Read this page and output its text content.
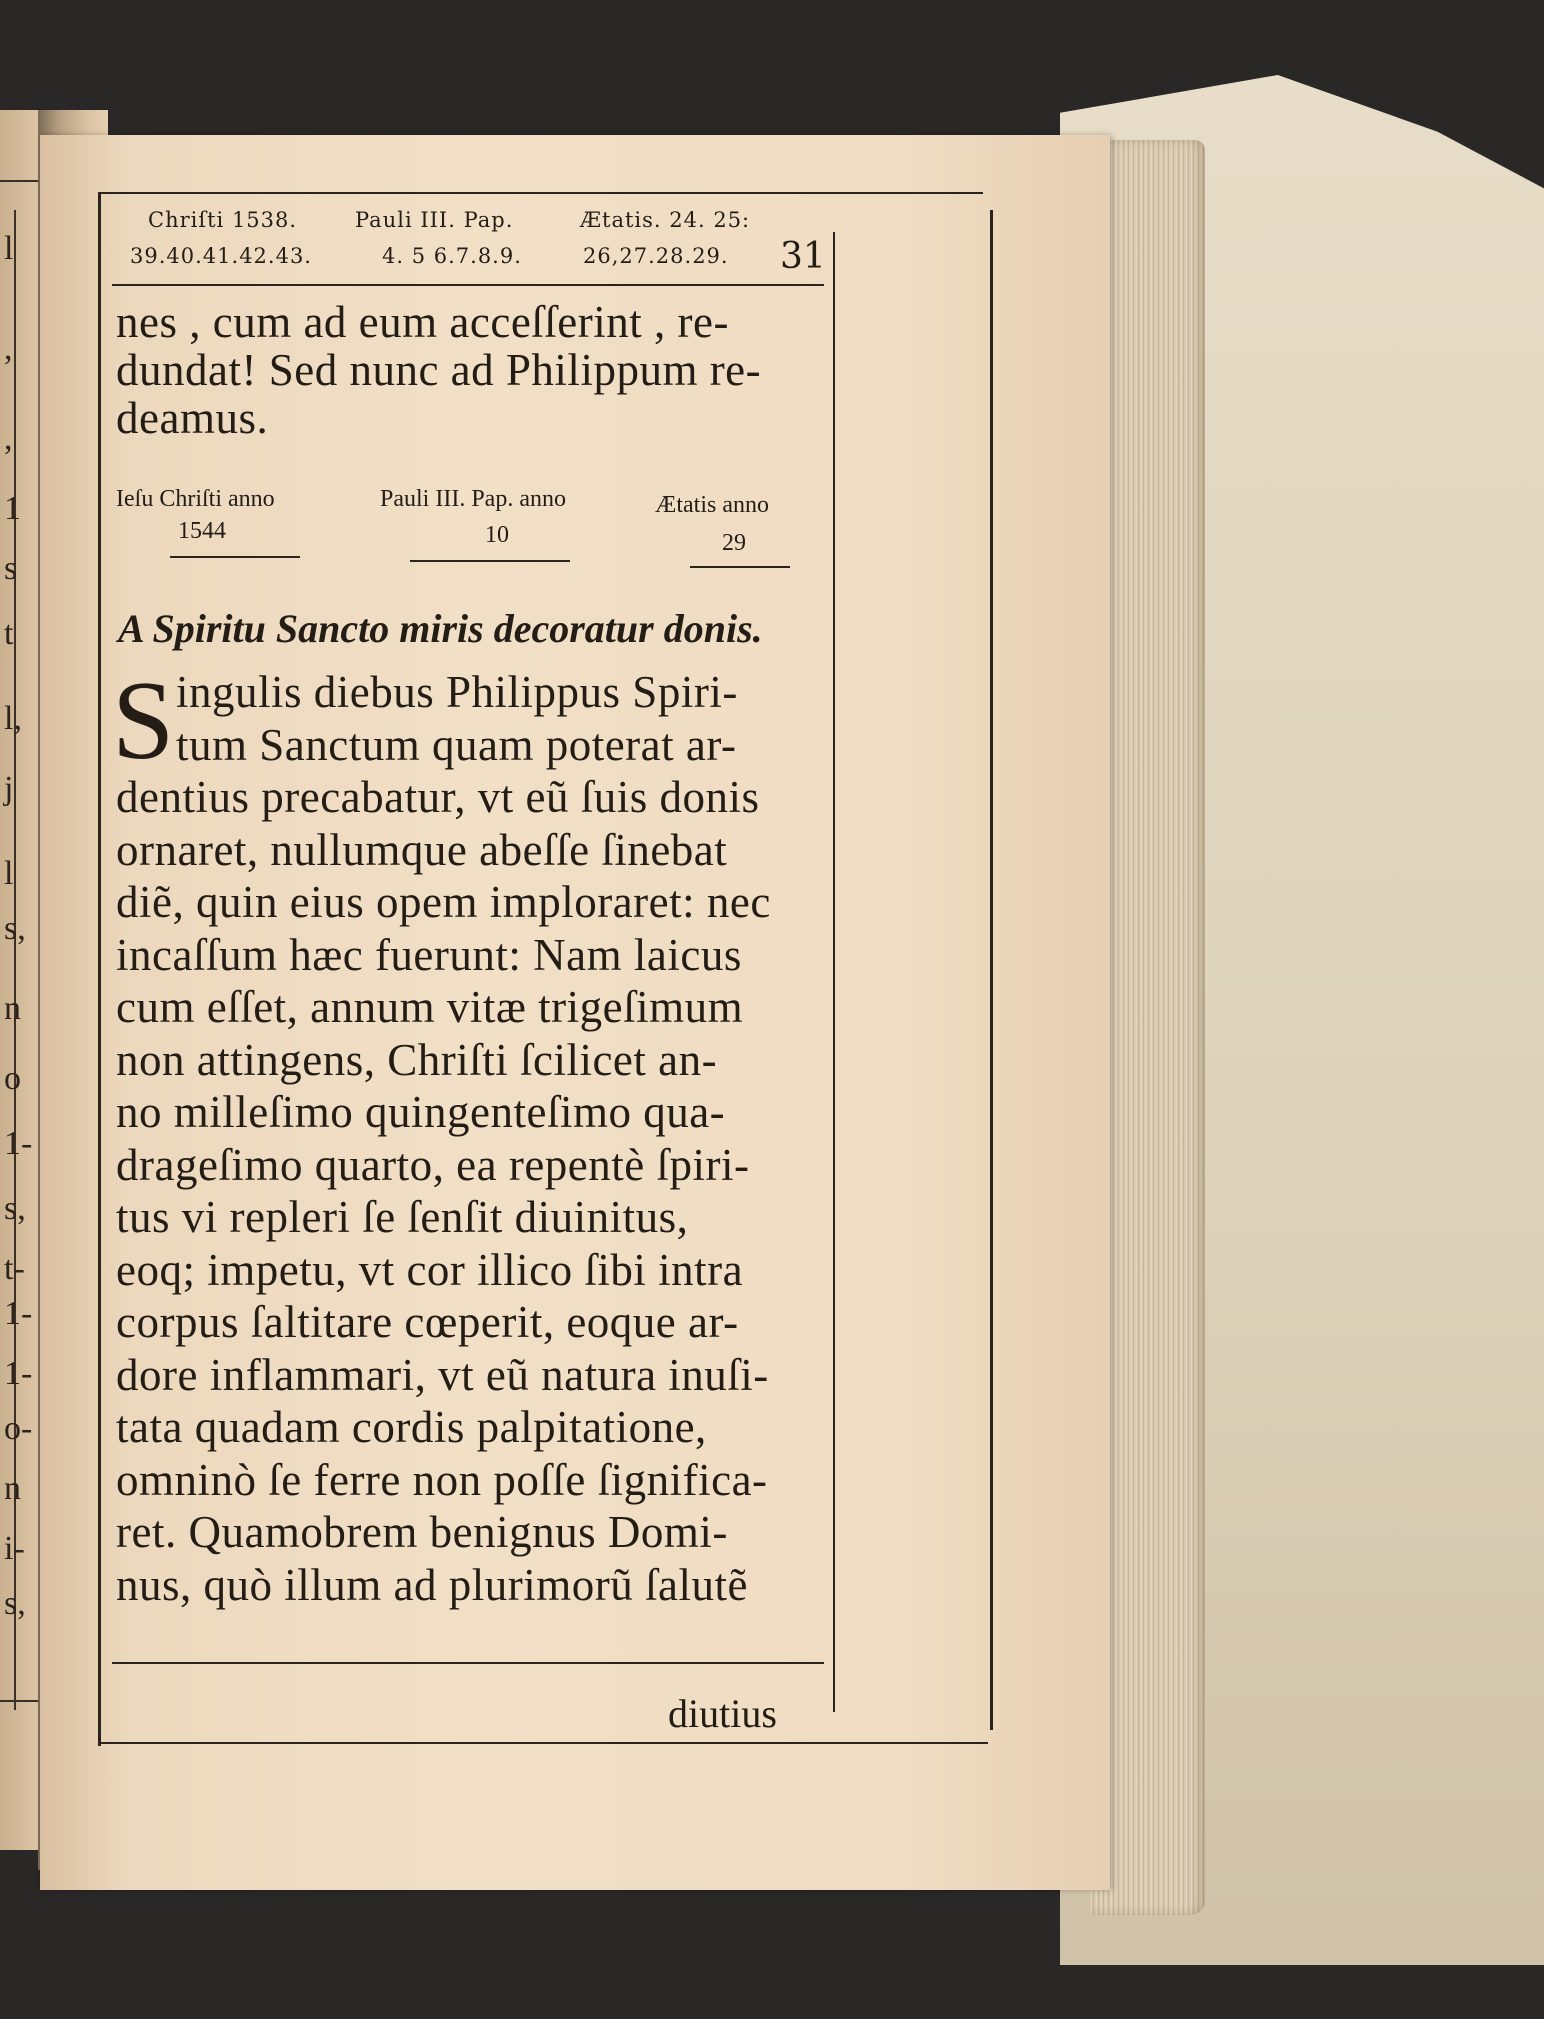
l
,
,
1
s
t
l,
j
l
s,
n
o
1-
s,
t-
1-
1-
o-
n
i-
s,
Chriſti 1538.
39.40.41.42.43.
Pauli III. Pap.
4. 5 6.7.8.9.
Ætatis. 24. 25:
26,27.28.29. 31
nes , cum ad eum acceſſerint , re-
dundat! Sed nunc ad Philippum re-
deamus.
Ieſu Chriſti anno
1544
Pauli III. Pap. anno
10
Ætatis anno
29
A Spiritu Sancto miris decoratur donis.
S ingulis diebus Philippus Spiri-
tum Sanctum quam poterat ar-
dentius precabatur, vt eũ ſuis donis
ornaret, nullumque abeſſe ſinebat
diẽ, quin eius opem imploraret: nec
incaſſum hæc fuerunt: Nam laicus
cum eſſet, annum vitæ trigeſimum
non attingens, Chriſti ſcilicet an-
no milleſimo quingenteſimo qua-
drageſimo quarto, ea repentè ſpiri-
tus vi repleri ſe ſenſit diuinitus,
eoq; impetu, vt cor illico ſibi intra
corpus ſaltitare cœperit, eoque ar-
dore inflammari, vt eũ natura inuſi-
tata quadam cordis palpitatione,
omninò ſe ferre non poſſe ſignifica-
ret. Quamobrem benignus Domi-
nus, quò illum ad plurimorũ ſalutẽ
diutius
